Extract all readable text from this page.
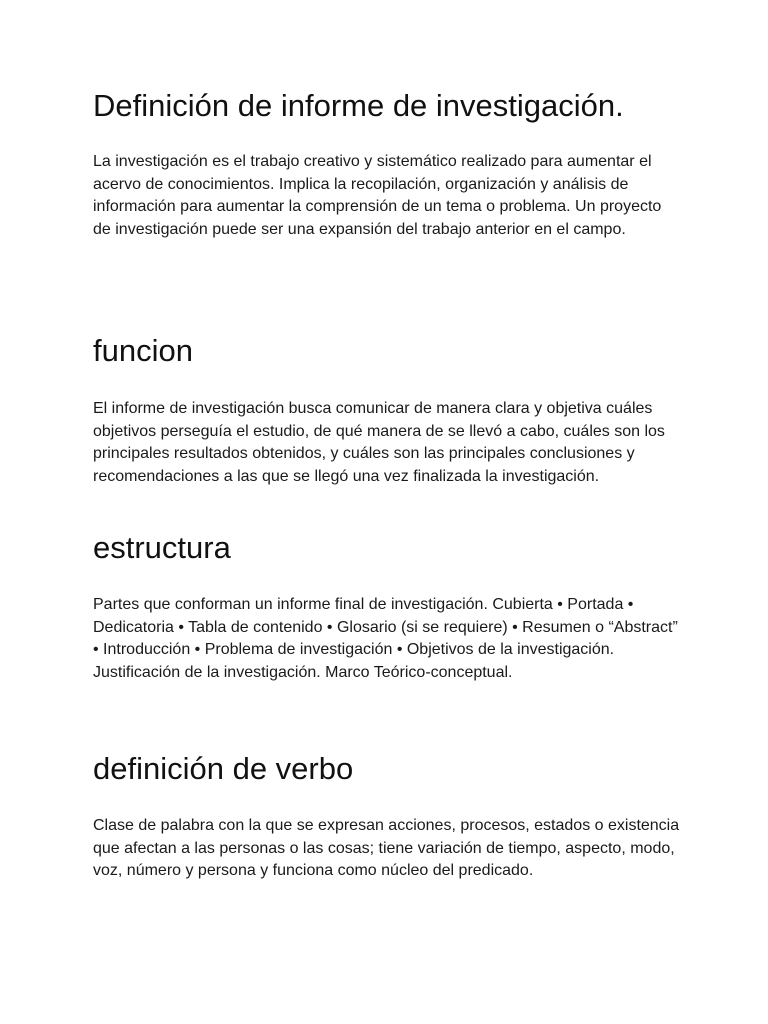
Definición de informe de investigación.

La investigación es el trabajo creativo y sistemático realizado para aumentar el acervo de conocimientos. Implica la recopilación, organización y análisis de información para aumentar la comprensión de un tema o problema. Un proyecto de investigación puede ser una expansión del trabajo anterior en el campo.

funcion

El informe de investigación busca comunicar de manera clara y objetiva cuáles objetivos perseguía el estudio, de qué manera de se llevó a cabo, cuáles son los principales resultados obtenidos, y cuáles son las principales conclusiones y recomendaciones a las que se llegó una vez finalizada la investigación.

estructura

Partes que conforman un informe final de investigación. Cubierta • Portada • Dedicatoria • Tabla de contenido • Glosario (si se requiere) • Resumen o “Abstract” • Introducción • Problema de investigación • Objetivos de la investigación. Justificación de la investigación. Marco Teórico-conceptual.

definición de verbo

Clase de palabra con la que se expresan acciones, procesos, estados o existencia que afectan a las personas o las cosas; tiene variación de tiempo, aspecto, modo, voz, número y persona y funciona como núcleo del predicado.
